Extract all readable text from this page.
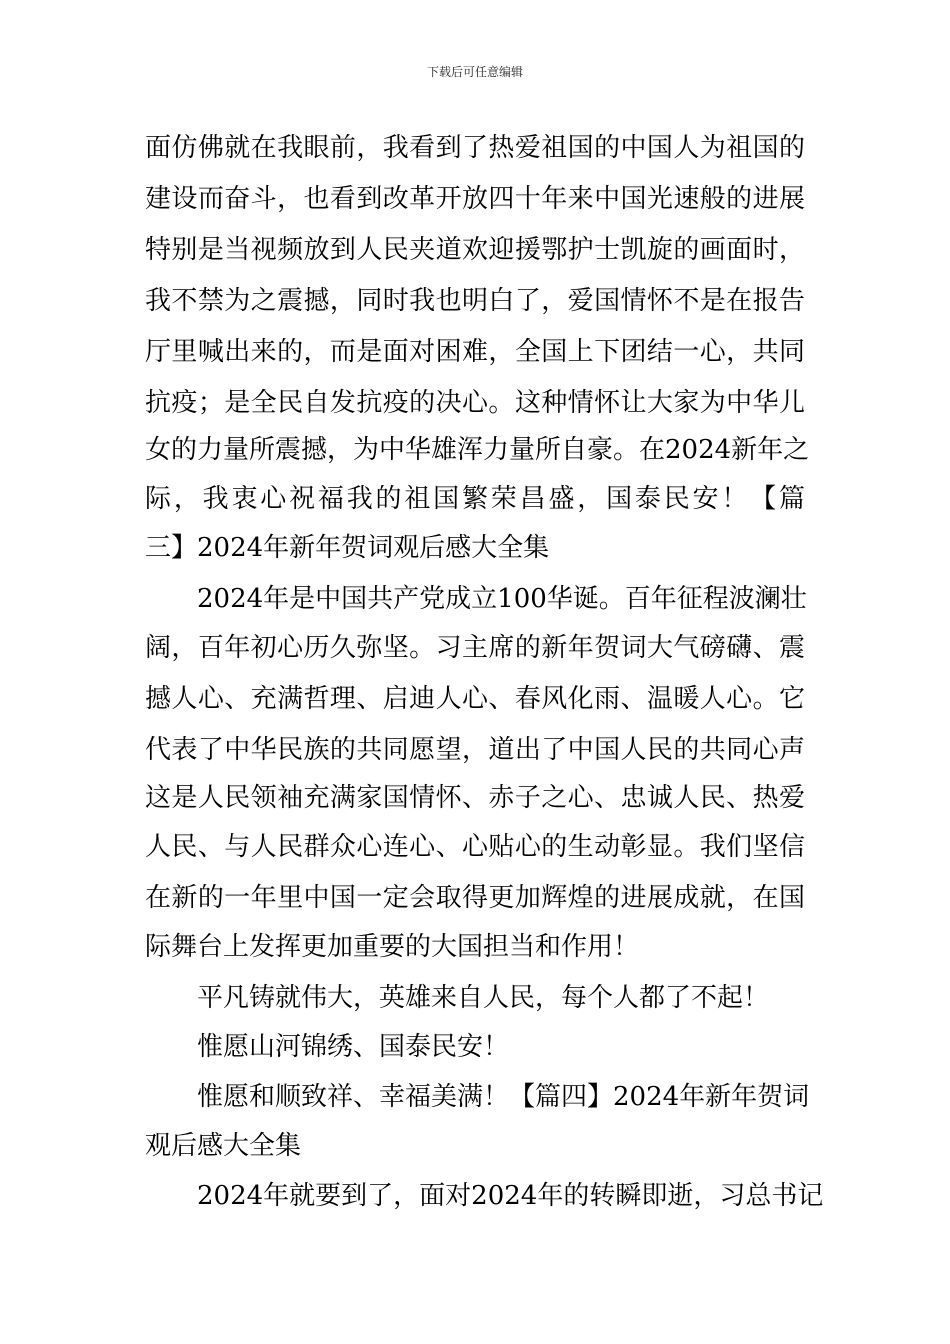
下载后可任意编辑
面仿佛就在我眼前，我看到了热爱祖国的中国人为祖国的
建设而奋斗，也看到改革开放四十年来中国光速般的进展
特别是当视频放到人民夹道欢迎援鄂护士凯旋的画面时，
我不禁为之震撼，同时我也明白了，爱国情怀不是在报告
厅里喊出来的，而是面对困难，全国上下团结一心，共同
抗疫；是全民自发抗疫的决心。这种情怀让大家为中华儿
女的力量所震撼，为中华雄浑力量所自豪。在2024新年之
际，我衷心祝福我的祖国繁荣昌盛，国泰民安！【篇
三】2024年新年贺词观后感大全集
2024年是中国共产党成立100华诞。百年征程波澜壮
阔，百年初心历久弥坚。习主席的新年贺词大气磅礴、震
撼人心、充满哲理、启迪人心、春风化雨、温暖人心。它
代表了中华民族的共同愿望，道出了中国人民的共同心声
这是人民领袖充满家国情怀、赤子之心、忠诚人民、热爱
人民、与人民群众心连心、心贴心的生动彰显。我们坚信
在新的一年里中国一定会取得更加辉煌的进展成就，在国
际舞台上发挥更加重要的大国担当和作用！
平凡铸就伟大，英雄来自人民，每个人都了不起！
惟愿山河锦绣、国泰民安！
惟愿和顺致祥、幸福美满！【篇四】2024年新年贺词
观后感大全集
2024年就要到了，面对2024年的转瞬即逝，习总书记
